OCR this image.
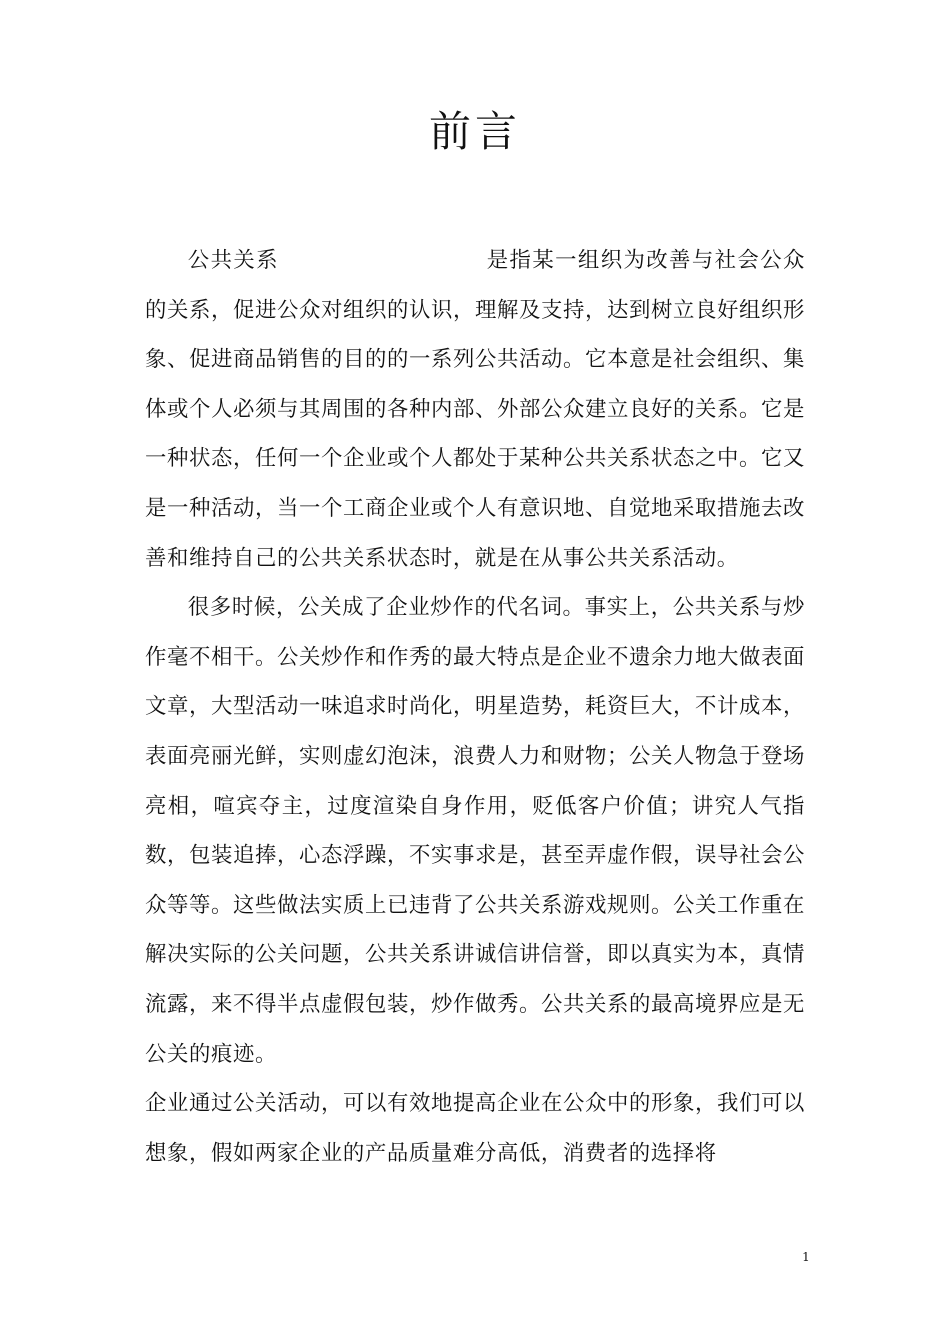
前言

公共关系	是指某一组织为改善与社会公众的关系，促进公众对组织的认识，理解及支持，达到树立良好组织形象、促进商品销售的目的的一系列公共活动。它本意是社会组织、集体或个人必须与其周围的各种内部、外部公众建立良好的关系。它是一种状态，任何一个企业或个人都处于某种公共关系状态之中。它又是一种活动，当一个工商企业或个人有意识地、自觉地采取措施去改善和维持自己的公共关系状态时，就是在从事公共关系活动。

很多时候，公关成了企业炒作的代名词。事实上，公共关系与炒作毫不相干。公关炒作和作秀的最大特点是企业不遗余力地大做表面文章，大型活动一味追求时尚化，明星造势，耗资巨大，不计成本，表面亮丽光鲜，实则虚幻泡沫，浪费人力和财物；公关人物急于登场亮相，喧宾夺主，过度渲染自身作用，贬低客户价值；讲究人气指数，包装追捧，心态浮躁，不实事求是，甚至弄虚作假，误导社会公众等等。这些做法实质上已违背了公共关系游戏规则。公关工作重在解决实际的公关问题，公共关系讲诚信讲信誉，即以真实为本，真情流露，来不得半点虚假包装，炒作做秀。公共关系的最高境界应是无公关的痕迹。

企业通过公关活动，可以有效地提高企业在公众中的形象，我们可以想象，假如两家企业的产品质量难分高低，消费者的选择将

1
